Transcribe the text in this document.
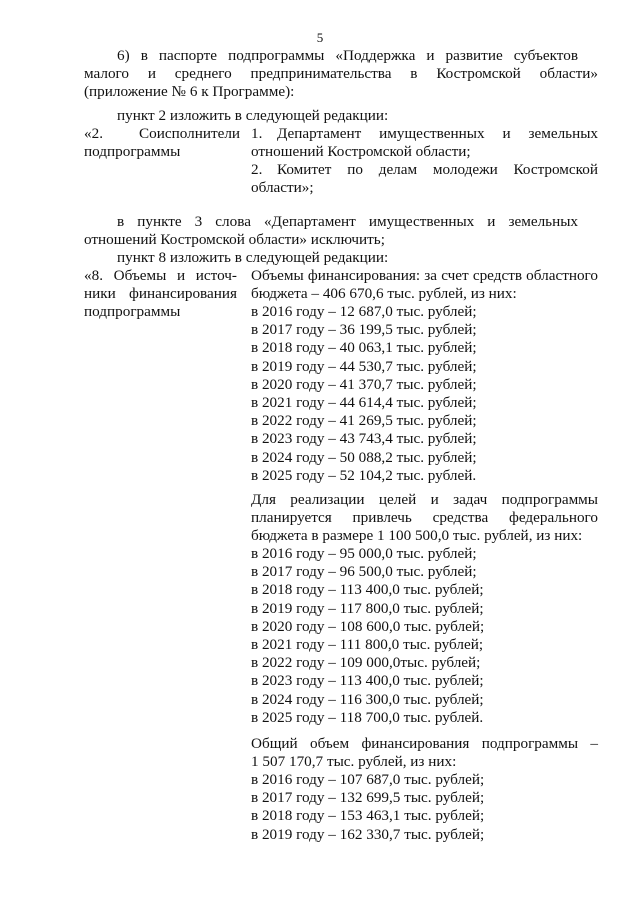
5
6) в паспорте подпрограммы «Поддержка и развитие субъектов
малого и среднего предпринимательства в Костромской области»
(приложение № 6 к Программе):
пункт 2 изложить в следующей редакции:
«2. Соисполнители
подпрограммы
1. Департамент имущественных и земельных
отношений Костромской области;
2. Комитет по делам молодежи Костромской
области»;
в пункте 3 слова «Департамент имущественных и земельных
отношений Костромской области» исключить;
пункт 8 изложить в следующей редакции:
«8. Объемы и источ-
ники финансирования
подпрограммы
Объемы финансирования: за счет средств областного
бюджета – 406 670,6 тыс. рублей, из них:
в 2016 году – 12 687,0 тыс. рублей;
в 2017 году – 36 199,5 тыс. рублей;
в 2018 году – 40 063,1 тыс. рублей;
в 2019 году – 44 530,7 тыс. рублей;
в 2020 году – 41 370,7 тыс. рублей;
в 2021 году – 44 614,4 тыс. рублей;
в 2022 году – 41 269,5 тыс. рублей;
в 2023 году – 43 743,4 тыс. рублей;
в 2024 году – 50 088,2 тыс. рублей;
в 2025 году – 52 104,2 тыс. рублей.
Для реализации целей и задач подпрограммы
планируется привлечь средства федерального
бюджета в размере 1 100 500,0 тыс. рублей, из них:
в 2016 году – 95 000,0 тыс. рублей;
в 2017 году – 96 500,0 тыс. рублей;
в 2018 году – 113 400,0 тыс. рублей;
в 2019 году – 117 800,0 тыс. рублей;
в 2020 году – 108 600,0 тыс. рублей;
в 2021 году – 111 800,0 тыс. рублей;
в 2022 году – 109 000,0тыс. рублей;
в 2023 году – 113 400,0 тыс. рублей;
в 2024 году – 116 300,0 тыс. рублей;
в 2025 году – 118 700,0 тыс. рублей.
Общий объем финансирования подпрограммы –
1 507 170,7 тыс. рублей, из них:
в 2016 году – 107 687,0 тыс. рублей;
в 2017 году – 132 699,5 тыс. рублей;
в 2018 году – 153 463,1 тыс. рублей;
в 2019 году – 162 330,7 тыс. рублей;
